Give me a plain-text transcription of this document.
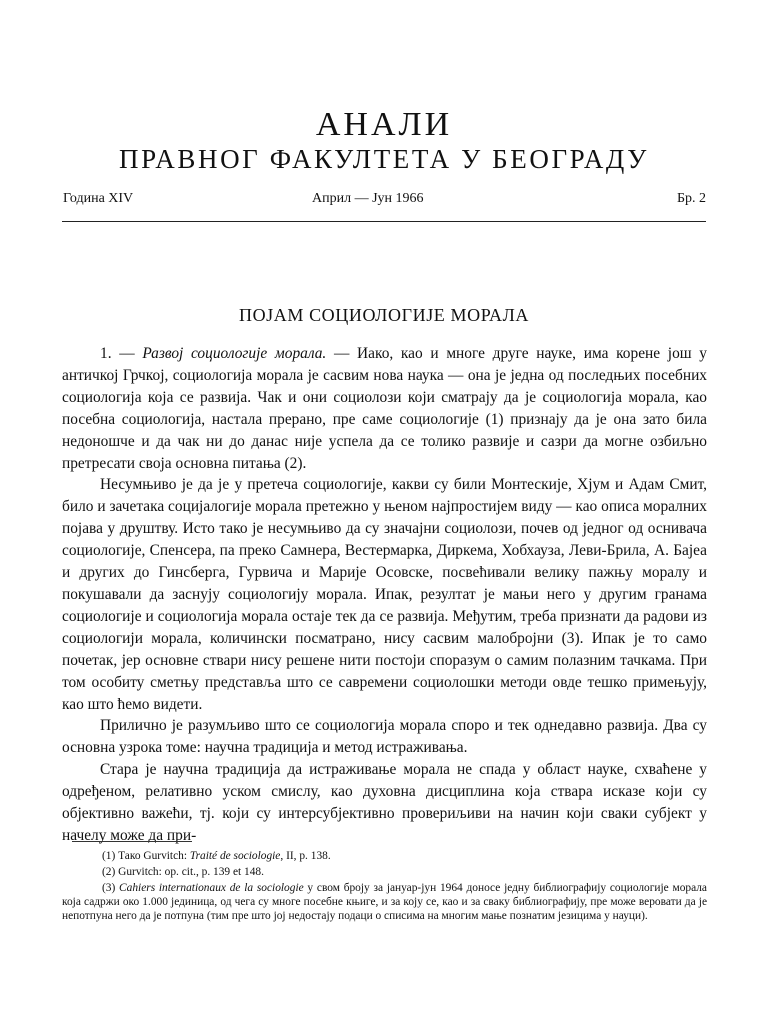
АНАЛИ
ПРАВНОГ ФАКУЛТЕТА У БЕОГРАДУ
Година XIV	Април — Јун 1966	Бр. 2
ПОЈАМ СОЦИОЛОГИЈЕ МОРАЛА

1. — Развој социологије морала. — Иако, као и многе друге науке, има корене још у античкој Грчкој, социологија морала је сасвим нова наука — она је једна од последњих посебних социологија која се развија. Чак и они социолози који сматрају да је социологија морала, као посебна социологија, настала прерано, пре саме социологије (1) признају да је она зато била недоношче и да чак ни до данас није успела да се толико развије и сазри да могне озбиљно претресати своја основна питања (2).

Несумњиво је да је у претеча социологије, какви су били Монтескије, Хјум и Адам Смит, било и зачетака социјалогије морала претежно у њеном најпростијем виду — као описа моралних појава у друштву. Исто тако је несумњиво да су значајни социолози, почев од једног од оснивача социологије, Спенсера, па преко Самнера, Вестермарка, Диркема, Хобхауза, Леви-Брила, А. Бајеа и других до Гинсберга, Гурвича и Марије Осовске, посвећивали велику пажњу моралу и покушавали да заснују социологију морала. Ипак, резултат је мањи него у другим гранама социологије и социологија морала остаје тек да се развија. Међутим, треба признати да радови из социологији морала, количински посматрано, нису сасвим малобројни (3). Ипак је то само почетак, јер основне ствари нису решене нити постоји споразум о самим полазним тачкама. При том особиту сметњу представља што се савремени социолошки методи овде тешко примењују, као што ћемо видети.

Прилично је разумљиво што се социологија морала споро и тек однедавно развија. Два су основна узрока томе: научна традиција и метод истраживања.

Стара је научна традиција да истраживање морала не спада у област науке, схваћене у одређеном, релативно уском смислу, као духовна дисциплина која ствара исказе који су објективно важећи, тј. који су интерсубјективно провериљиви на начин који сваки субјект у начелу може да при-

(1) Тако Gurvitch: Traité de sociologie, II, p. 138.

(2) Gurvitch: op. cit., p. 139 et 148.

(3) Cahiers internationaux de la sociologie у свом броју за јануар-јун 1964 доносе једну библиографију социологије морала која садржи око 1.000 јединица, од чега су многе посебне књиге, и за коју се, као и за сваку библиографију, пре може веровати да је непотпуна него да је потпуна (тим пре што јој недостају подаци о списима на многим мање познатим језицима у науци).
